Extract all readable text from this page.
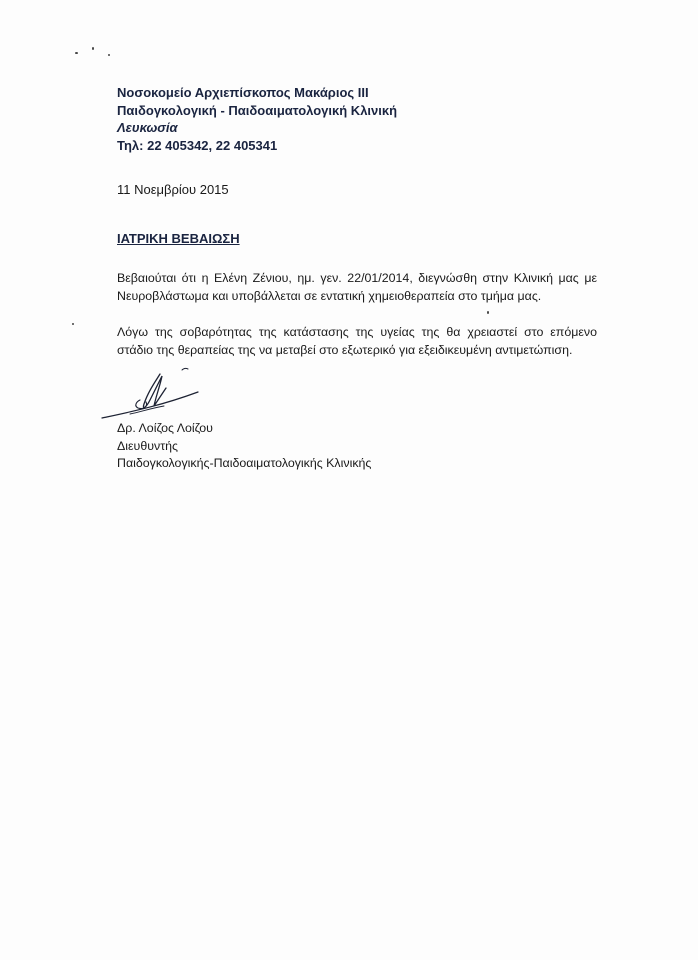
Νοσοκομείο Αρχιεπίσκοπος Μακάριος ΙΙΙ
Παιδογκολογική - Παιδοαιματολογική Κλινική
Λευκωσία
Τηλ: 22 405342, 22 405341
11 Νοεμβρίου 2015
ΙΑΤΡΙΚΗ ΒΕΒΑΙΩΣΗ
Βεβαιούται ότι η Ελένη Ζένιου, ημ. γεν. 22/01/2014, διεγνώσθη στην Κλινική μας με Νευροβλάστωμα και υποβάλλεται σε εντατική χημειοθεραπεία στο τμήμα μας.
Λόγω της σοβαρότητας της κατάστασης της υγείας της θα χρειαστεί στο επόμενο στάδιο της θεραπείας της να μεταβεί στο εξωτερικό για εξειδικευμένη αντιμετώπιση.
Δρ. Λοίζος Λοίζου
Διευθυντής
Παιδογκολογικής-Παιδοαιματολογικής Κλινικής
